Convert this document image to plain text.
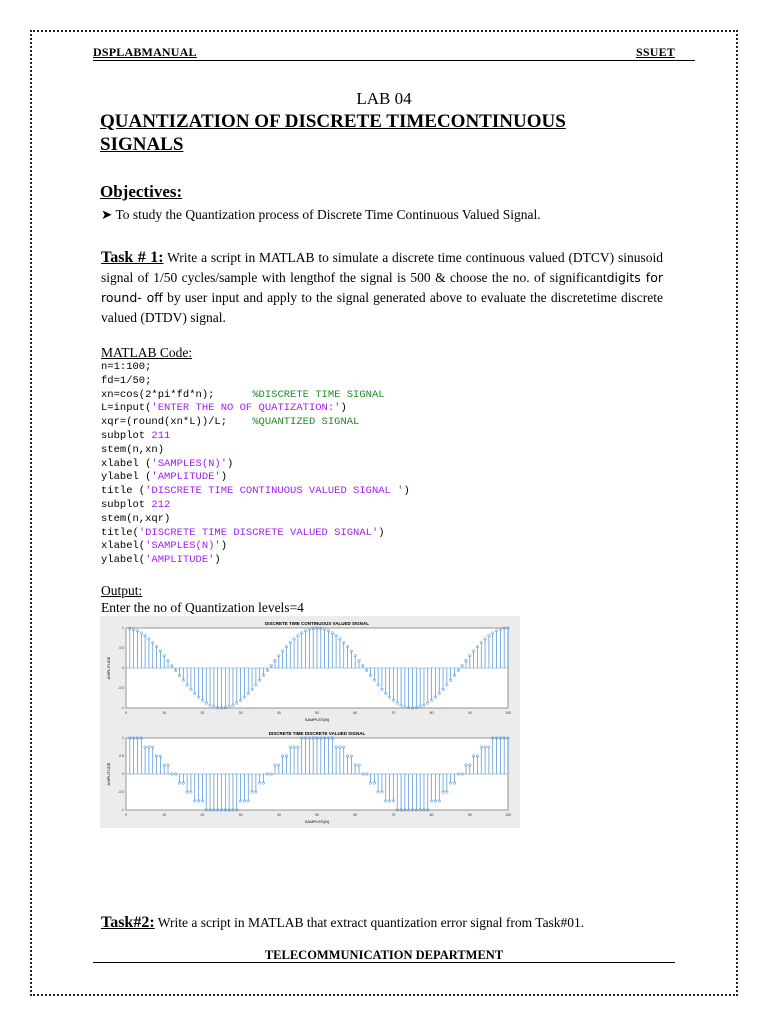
DSPLABMANUAL	SSUET
LAB 04
QUANTIZATION OF DISCRETE TIMECONTINUOUS
SIGNALS
Objectives:
➤ To study the Quantization process of Discrete Time Continuous Valued Signal.
Task # 1: Write a script in MATLAB to simulate a discrete time continuous valued (DTCV) sinusoid signal of 1/50 cycles/sample with lengthof the signal is 500 & choose the no. of significantdigits for round- off by user input and apply to the signal generated above to evaluate the discretetime discrete valued (DTDV) signal.
MATLAB Code:
n=1:100;
fd=1/50;
xn=cos(2*pi*fd*n);      %DISCRETE TIME SIGNAL
L=input('ENTER THE NO OF QUATIZATION:')
xqr=(round(xn*L))/L;    %QUANTIZED SIGNAL
subplot 211
stem(n,xn)
xlabel ('SAMPLES(N)')
ylabel ('AMPLITUDE')
title ('DISCRETE TIME CONTINUOUS VALUED SIGNAL ')
subplot 212
stem(n,xqr)
title('DISCRETE TIME DISCRETE VALUED SIGNAL')
xlabel('SAMPLES(N)')
ylabel('AMPLITUDE')
Output:
Enter the no of Quantization levels=4
DISCRETE TIME CONTINUOUS VALUED SIGNAL
AMPLITUDE
SAMPLES(N)
0	10	20	30	40	50	60	70	80	90	100
1
0.5
0
-0.5
-1
DISCRETE TIME DISCRETE VALUED SIGNAL
AMPLITUDE
SAMPLES(N)
0	10	20	30	40	50	60	70	80	90	100
1
0.5
0
-0.5
-1
Task#2: Write a script in MATLAB that extract quantization error signal from Task#01.
TELECOMMUNICATION DEPARTMENT
